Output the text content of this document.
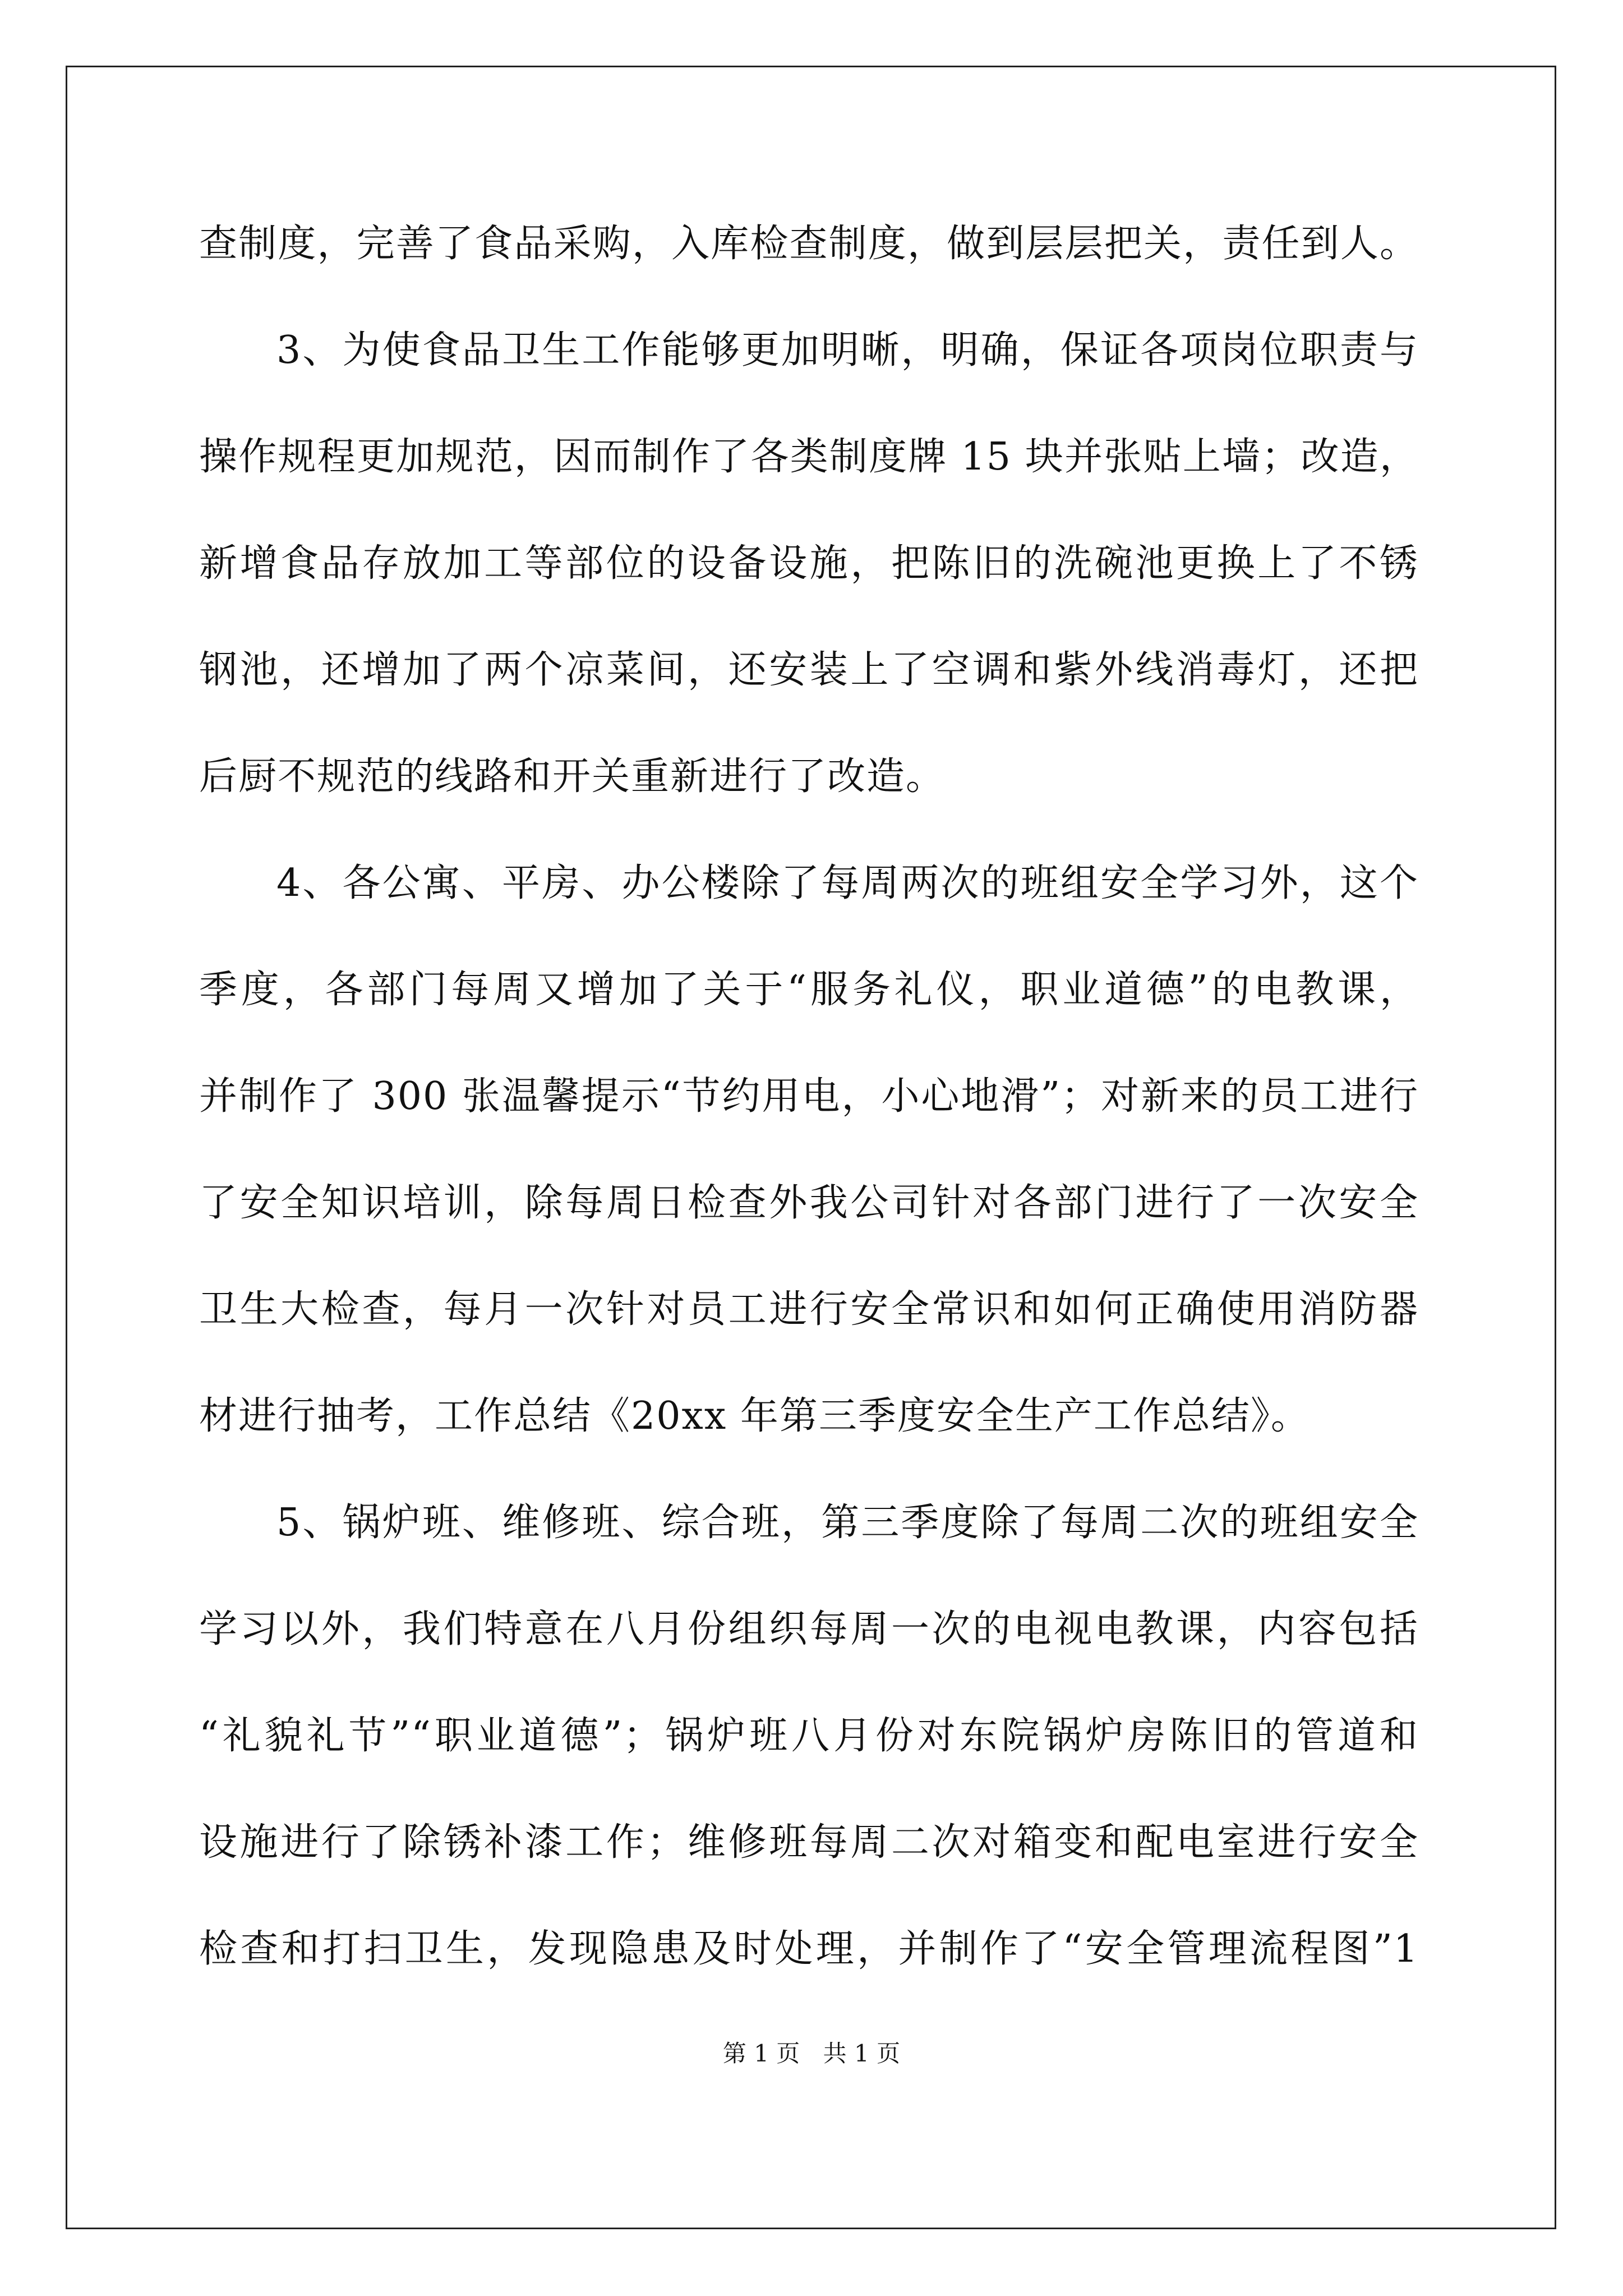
查制度，完善了食品采购，入库检查制度，做到层层把关，责任到人。
3、为使食品卫生工作能够更加明晰，明确，保证各项岗位职责与
操作规程更加规范，因而制作了各类制度牌 15 块并张贴上墙；改造，
新增食品存放加工等部位的设备设施，把陈旧的洗碗池更换上了不锈
钢池，还增加了两个凉菜间，还安装上了空调和紫外线消毒灯，还把
后厨不规范的线路和开关重新进行了改造。
4、各公寓、平房、办公楼除了每周两次的班组安全学习外，这个
季度，各部门每周又增加了关于“服务礼仪，职业道德”的电教课，
并制作了 300 张温馨提示“节约用电，小心地滑”；对新来的员工进行
了安全知识培训，除每周日检查外我公司针对各部门进行了一次安全
卫生大检查，每月一次针对员工进行安全常识和如何正确使用消防器
材进行抽考，工作总结《20xx 年第三季度安全生产工作总结》。
5、锅炉班、维修班、综合班，第三季度除了每周二次的班组安全
学习以外，我们特意在八月份组织每周一次的电视电教课，内容包括
“礼貌礼节”“职业道德”；锅炉班八月份对东院锅炉房陈旧的管道和
设施进行了除锈补漆工作；维修班每周二次对箱变和配电室进行安全
检查和打扫卫生，发现隐患及时处理，并制作了“安全管理流程图”1
第 1 页 共 1 页
